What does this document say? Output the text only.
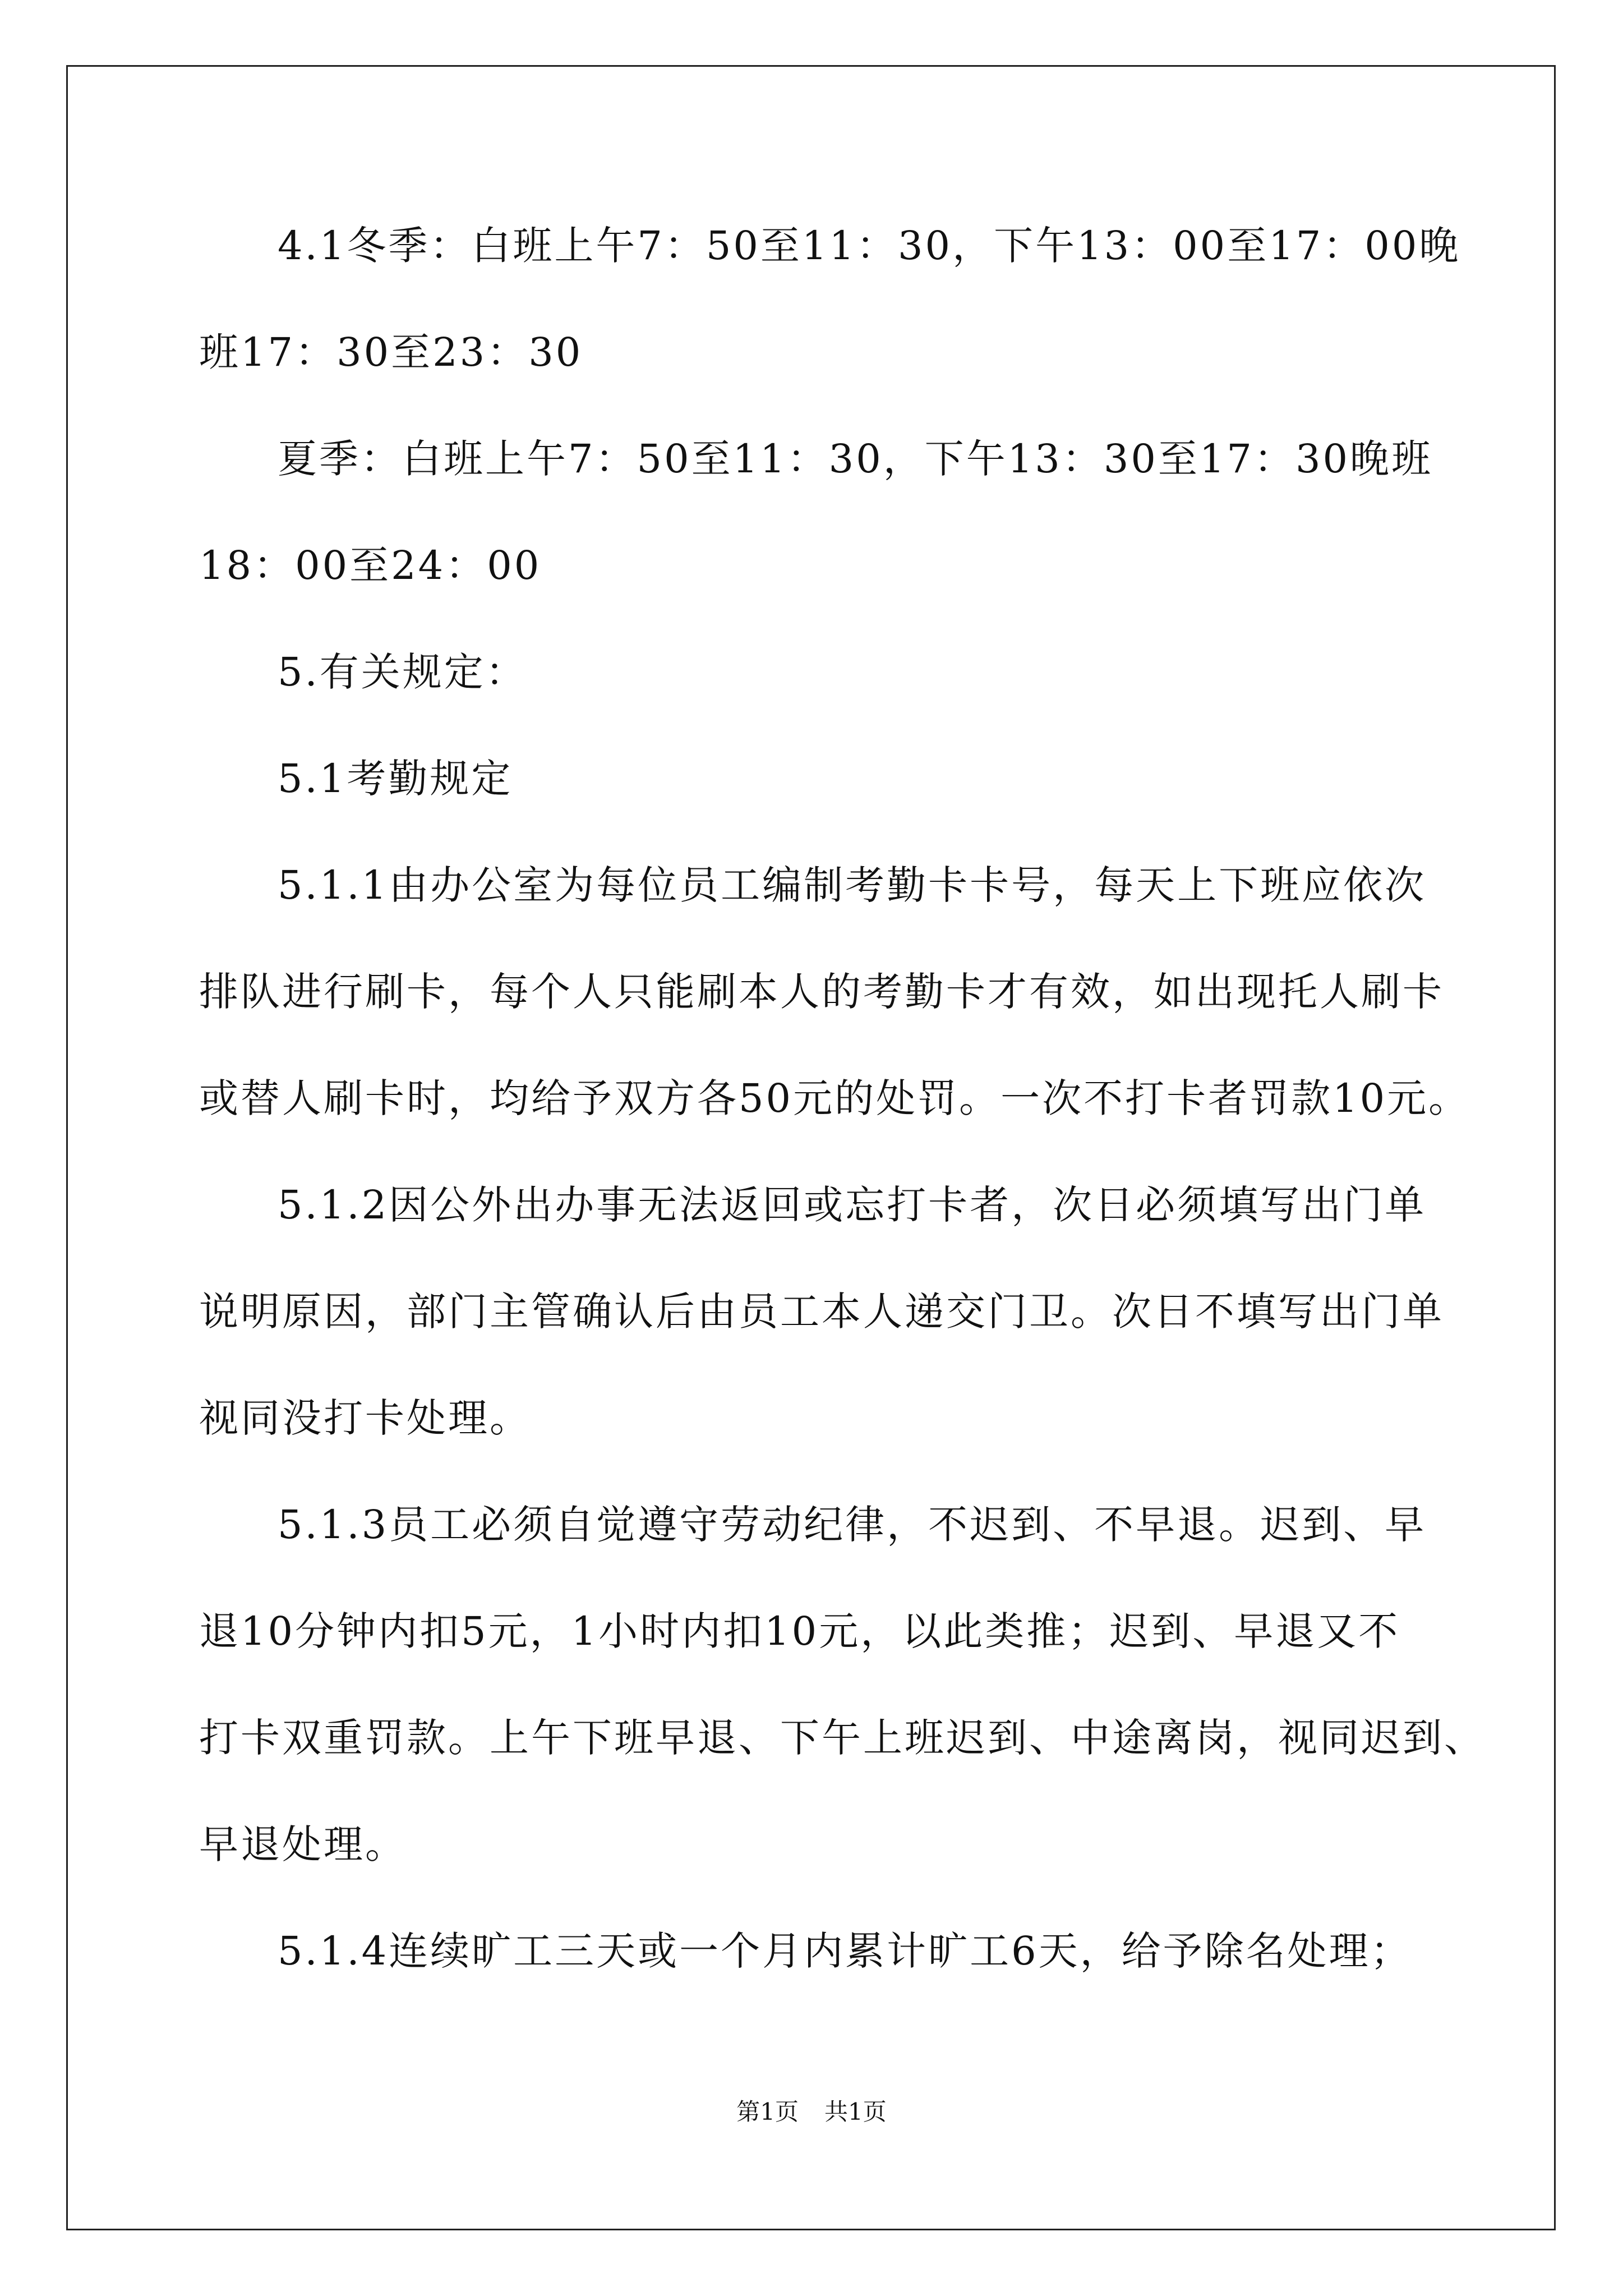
4.1冬季：白班上午7：50至11：30，下午13：00至17：00晚
班17：30至23：30
夏季：白班上午7：50至11：30，下午13：30至17：30晚班
18：00至24：00
5.有关规定：
5.1考勤规定
5.1.1由办公室为每位员工编制考勤卡卡号，每天上下班应依次
排队进行刷卡，每个人只能刷本人的考勤卡才有效，如出现托人刷卡
或替人刷卡时，均给予双方各50元的处罚。一次不打卡者罚款10元。
5.1.2因公外出办事无法返回或忘打卡者，次日必须填写出门单
说明原因，部门主管确认后由员工本人递交门卫。次日不填写出门单
视同没打卡处理。
5.1.3员工必须自觉遵守劳动纪律，不迟到、不早退。迟到、早
退10分钟内扣5元，1小时内扣10元，以此类推；迟到、早退又不
打卡双重罚款。上午下班早退、下午上班迟到、中途离岗，视同迟到、
早退处理。
5.1.4连续旷工三天或一个月内累计旷工6天，给予除名处理；
第1页 共1页
